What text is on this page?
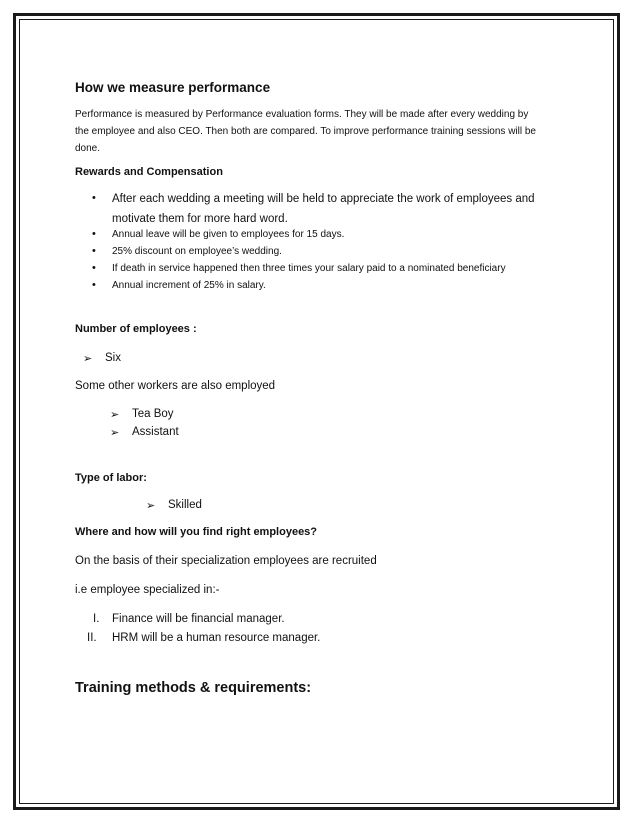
How we measure performance
Performance is measured by Performance evaluation forms. They will be made after every wedding by
the employee and also CEO. Then both are compared. To improve performance training sessions will be
done.
Rewards and Compensation
• After each wedding a meeting will be held to appreciate the work of employees and
motivate them for more hard word.
• Annual leave will be given to employees for 15 days.
• 25% discount on employee’s wedding.
• If death in service happened then three times your salary paid to a nominated beneficiary
• Annual increment of 25% in salary.
Number of employees :
➢ Six
Some other workers are also employed
➢ Tea Boy
➢ Assistant
Type of labor:
➢ Skilled
Where and how will you find right employees?
On the basis of their specialization employees are recruited
i.e employee specialized in:-
I. Finance will be financial manager.
II. HRM will be a human resource manager.
Training methods & requirements:
